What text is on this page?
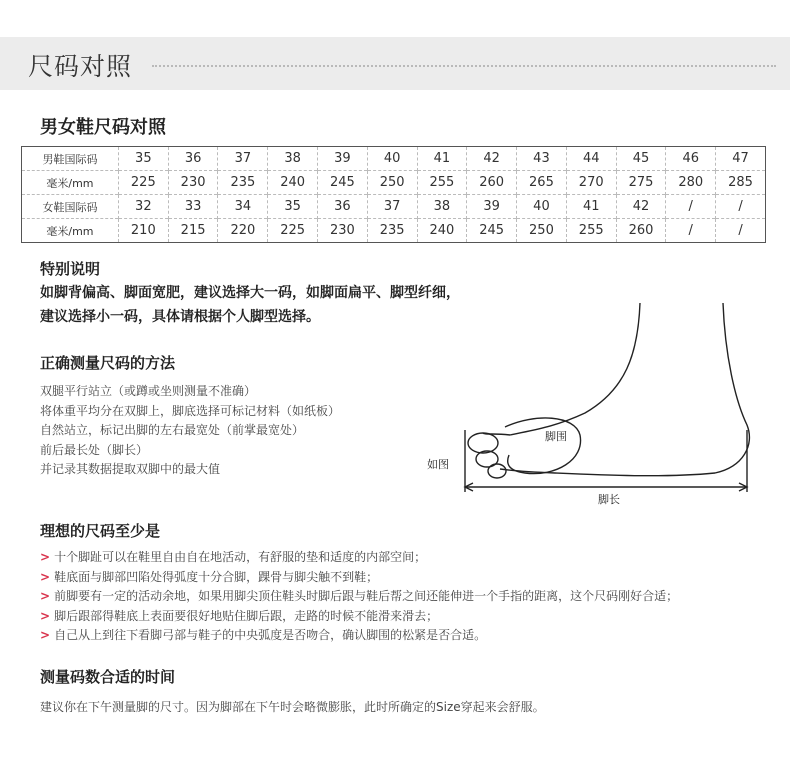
尺码对照
男女鞋尺码对照
男鞋国际码	35	36	37	38	39	40	41	42	43	44	45	46	47
毫米/mm	225	230	235	240	245	250	255	260	265	270	275	280	285
女鞋国际码	32	33	34	35	36	37	38	39	40	41	42	/	/
毫米/mm	210	215	220	225	230	235	240	245	250	255	260	/	/
特别说明
如脚背偏高、脚面宽肥，建议选择大一码，如脚面扁平、脚型纤细，
建议选择小一码，具体请根据个人脚型选择。
正确测量尺码的方法
双腿平行站立（或蹲或坐则测量不准确）
将体重平均分在双脚上，脚底选择可标记材料（如纸板）
自然站立，标记出脚的左右最宽处（前掌最宽处）
前后最长处（脚长）
并记录其数据提取双脚中的最大值
脚围
如图
脚长
理想的尺码至少是
> 十个脚趾可以在鞋里自由自在地活动，有舒服的垫和适度的内部空间；
> 鞋底面与脚部凹陷处得弧度十分合脚，踝骨与脚尖触不到鞋；
> 前脚要有一定的活动余地，如果用脚尖顶住鞋头时脚后跟与鞋后帮之间还能伸进一个手指的距离，这个尺码刚好合适；
> 脚后跟部得鞋底上表面要很好地贴住脚后跟，走路的时候不能滑来滑去；
> 自己从上到往下看脚弓部与鞋子的中央弧度是否吻合，确认脚围的松紧是否合适。
测量码数合适的时间
建议你在下午测量脚的尺寸。因为脚部在下午时会略微膨胀，此时所确定的Size穿起来会舒服。
